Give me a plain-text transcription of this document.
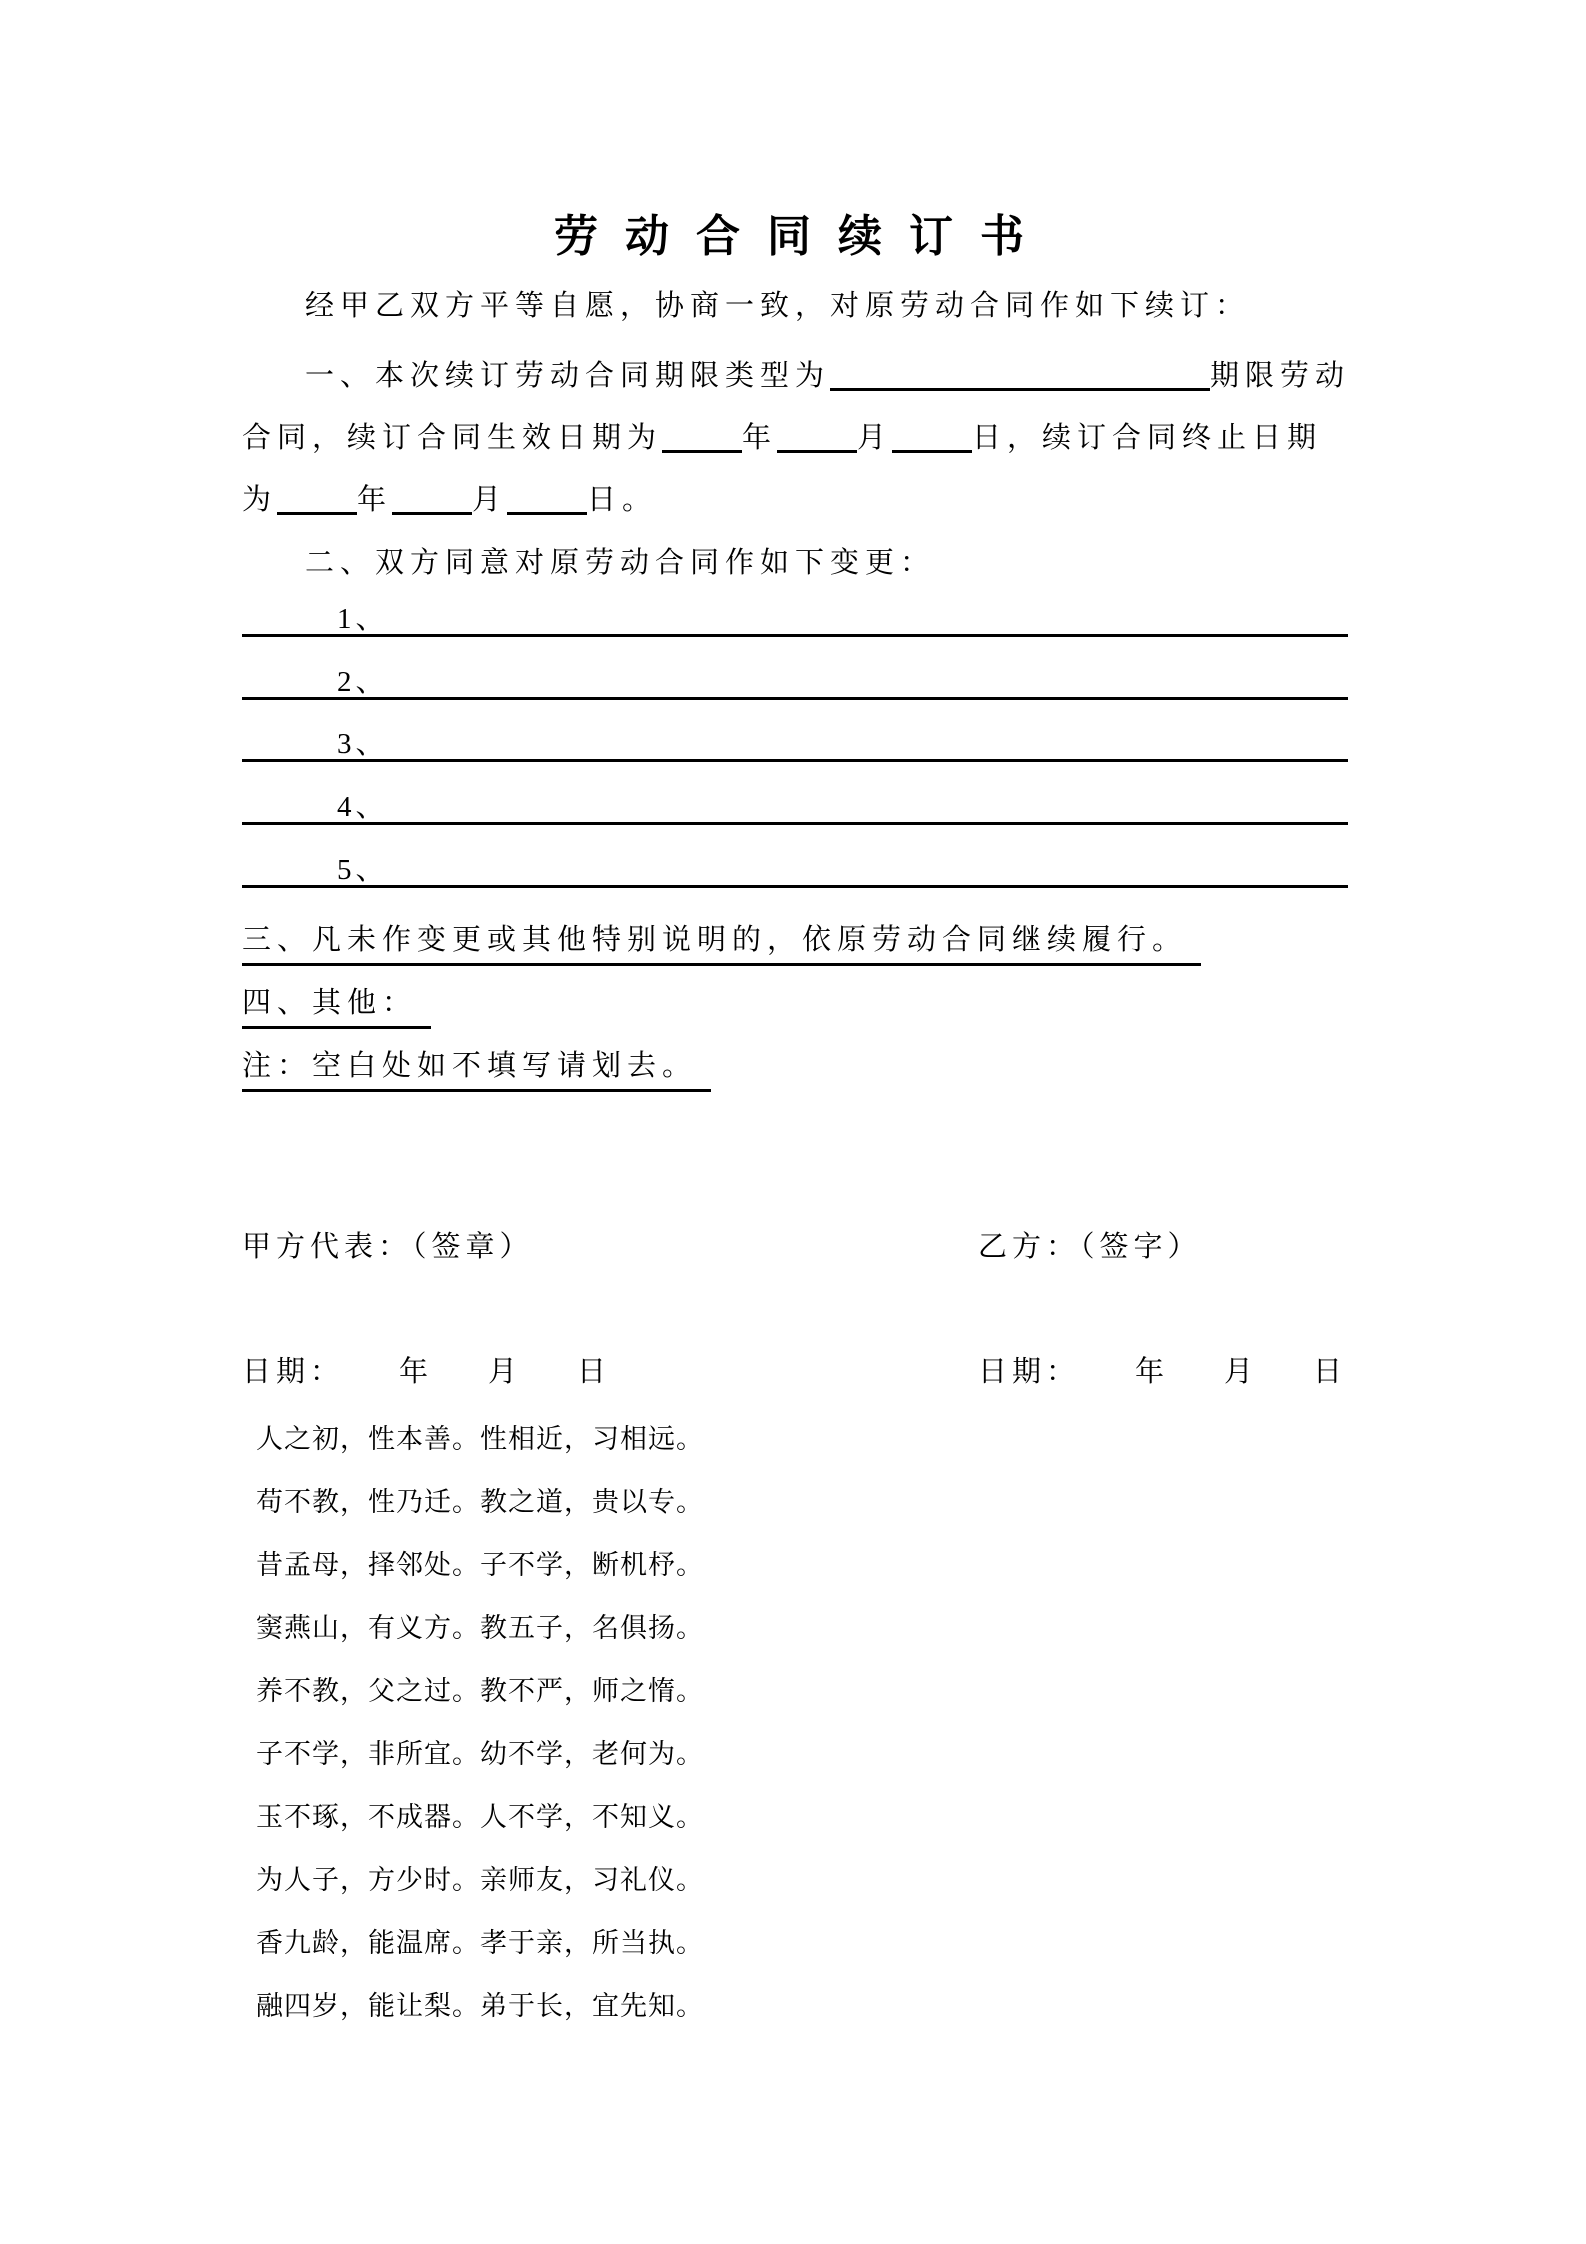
劳 动 合 同 续 订 书
经甲乙双方平等自愿，协商一致，对原劳动合同作如下续订：
一、本次续订劳动合同期限类型为	期限劳动
合同，续订合同生效日期为	年	月	日，续订合同终止日期
为	年	月	日。
二、双方同意对原劳动合同作如下变更：
1、
2、
3、
4、
5、
三、凡未作变更或其他特别说明的，依原劳动合同继续履行。
四、其他：
注：空白处如不填写请划去。
甲方代表：（签章）	乙方：（签字）
日期： 年 月 日	日期： 年 月 日
人之初，性本善。性相近，习相远。
苟不教，性乃迁。教之道，贵以专。
昔孟母，择邻处。子不学，断机杼。
窦燕山，有义方。教五子，名俱扬。
养不教，父之过。教不严，师之惰。
子不学，非所宜。幼不学，老何为。
玉不琢，不成器。人不学，不知义。
为人子，方少时。亲师友，习礼仪。
香九龄，能温席。孝于亲，所当执。
融四岁，能让梨。弟于长，宜先知。
